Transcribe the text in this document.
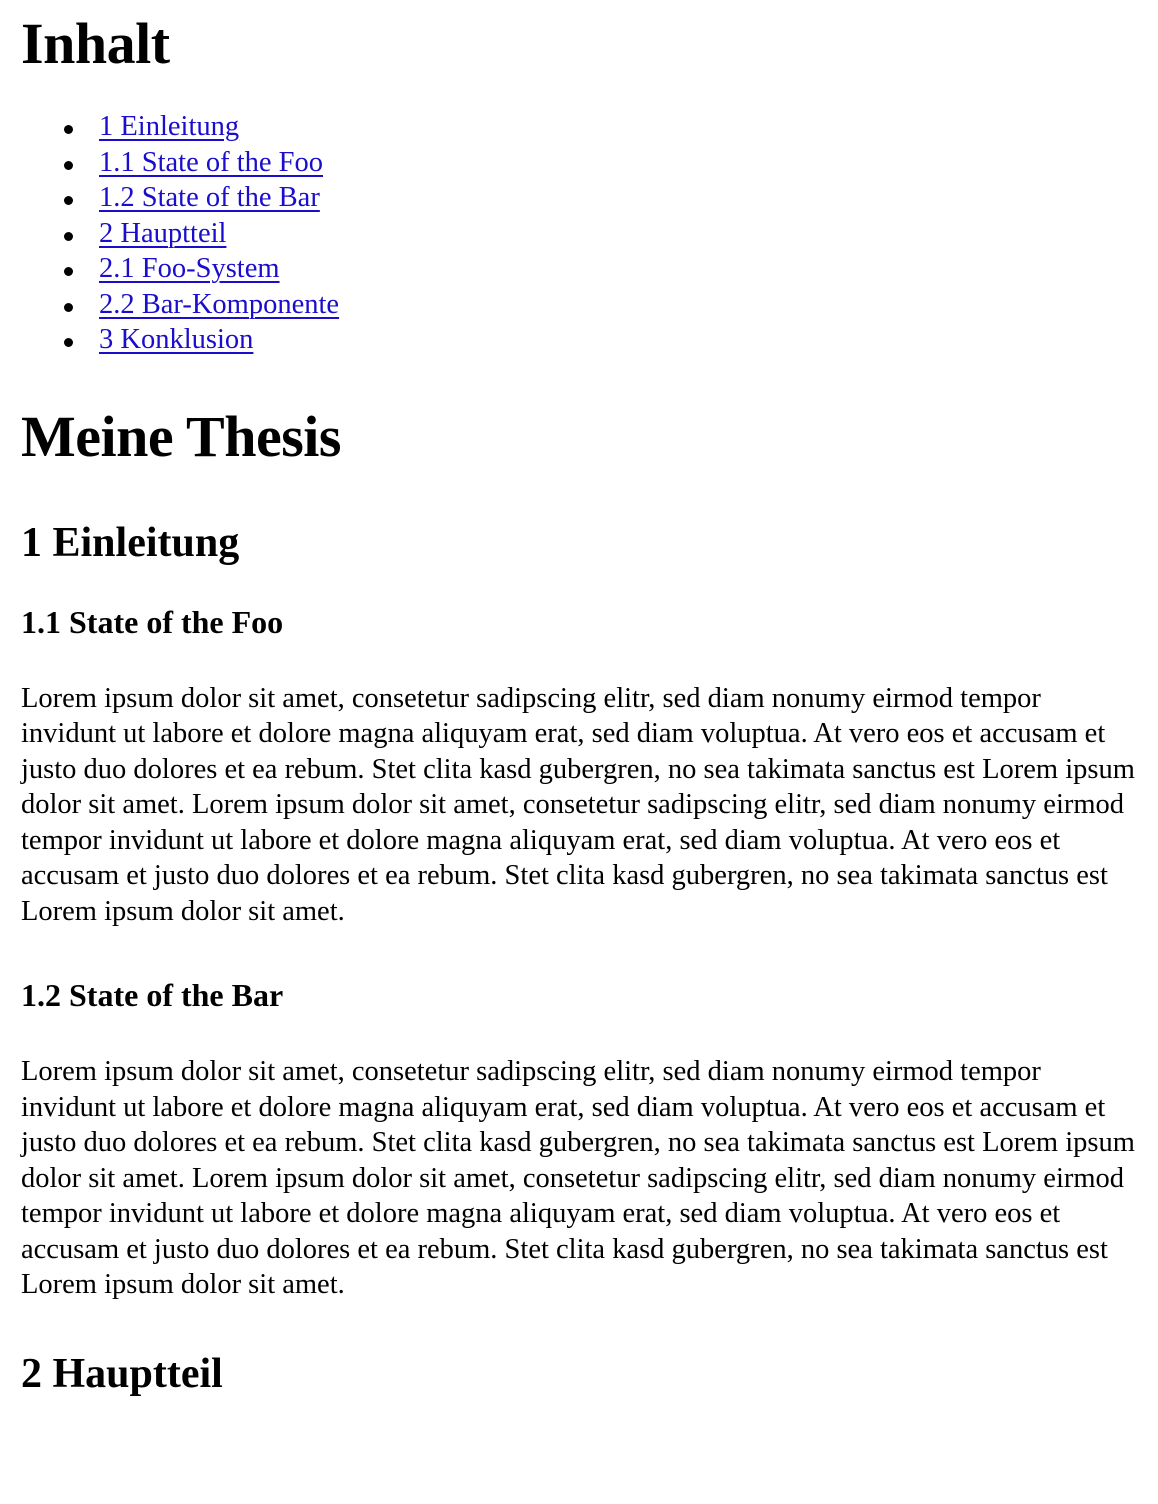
Inhalt
1 Einleitung
1.1 State of the Foo
1.2 State of the Bar
2 Hauptteil
2.1 Foo-System
2.2 Bar-Komponente
3 Konklusion
Meine Thesis
1 Einleitung
1.1 State of the Foo

Lorem ipsum dolor sit amet, consetetur sadipscing elitr, sed diam nonumy eirmod tempor invidunt ut labore et dolore magna aliquyam erat, sed diam voluptua. At vero eos et accusam et justo duo dolores et ea rebum. Stet clita kasd gubergren, no sea takimata sanctus est Lorem ipsum dolor sit amet. Lorem ipsum dolor sit amet, consetetur sadipscing elitr, sed diam nonumy eirmod tempor invidunt ut labore et dolore magna aliquyam erat, sed diam voluptua. At vero eos et accusam et justo duo dolores et ea rebum. Stet clita kasd gubergren, no sea takimata sanctus est Lorem ipsum dolor sit amet.

1.2 State of the Bar

Lorem ipsum dolor sit amet, consetetur sadipscing elitr, sed diam nonumy eirmod tempor invidunt ut labore et dolore magna aliquyam erat, sed diam voluptua. At vero eos et accusam et justo duo dolores et ea rebum. Stet clita kasd gubergren, no sea takimata sanctus est Lorem ipsum dolor sit amet. Lorem ipsum dolor sit amet, consetetur sadipscing elitr, sed diam nonumy eirmod tempor invidunt ut labore et dolore magna aliquyam erat, sed diam voluptua. At vero eos et accusam et justo duo dolores et ea rebum. Stet clita kasd gubergren, no sea takimata sanctus est Lorem ipsum dolor sit amet.

2 Hauptteil
